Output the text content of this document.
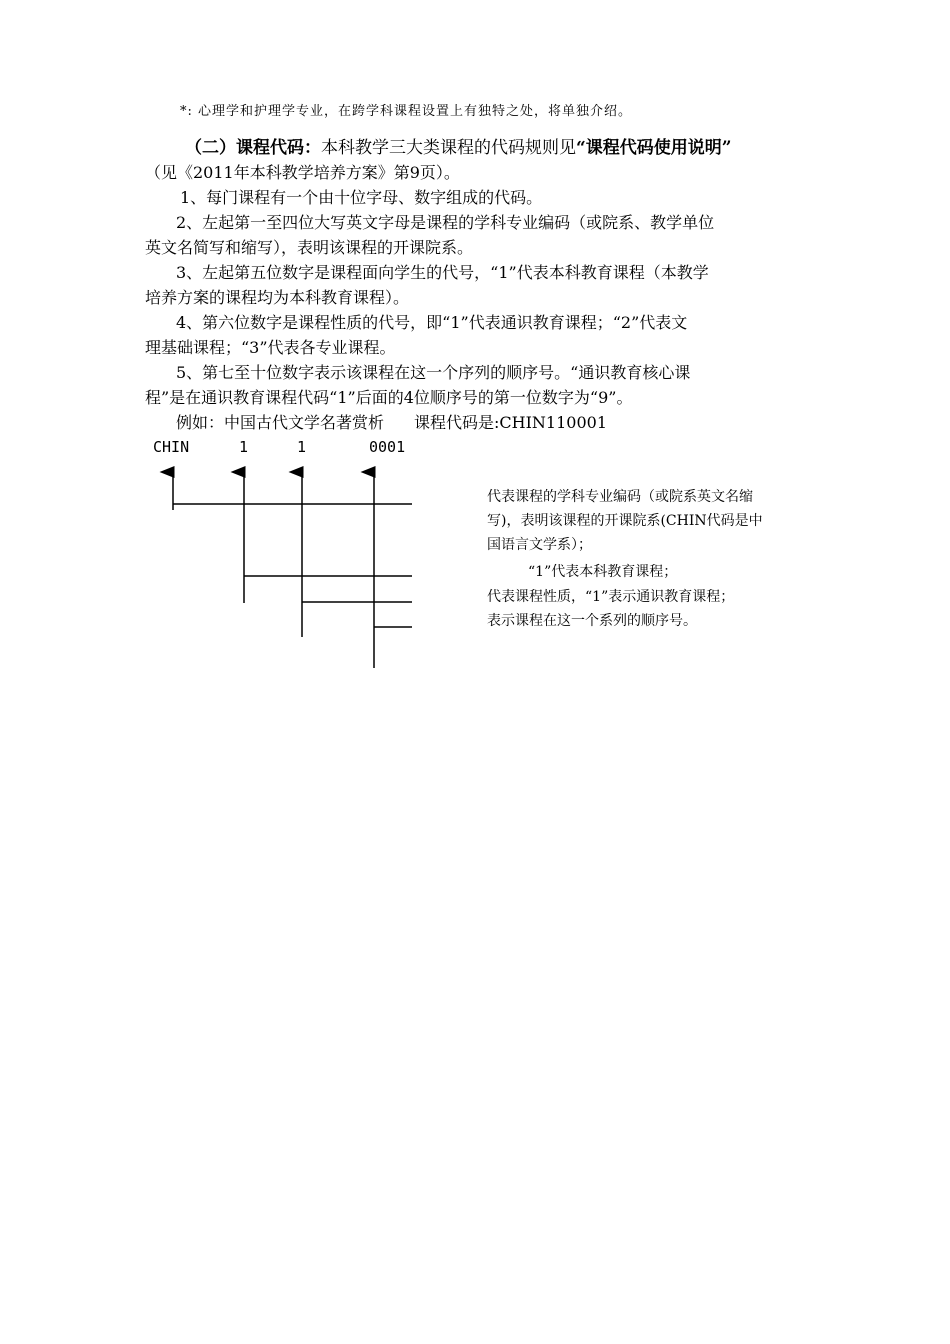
*: 心理学和护理学专业，在跨学科课程设置上有独特之处，将单独介绍。
（二）课程代码：本科教学三大类课程的代码规则见“课程代码使用说明”
（见《2011年本科教学培养方案》第9页）。
1、每门课程有一个由十位字母、数字组成的代码。
2、左起第一至四位大写英文字母是课程的学科专业编码（或院系、教学单位
英文名简写和缩写），表明该课程的开课院系。
3、左起第五位数字是课程面向学生的代号，“1”代表本科教育课程（本教学
培养方案的课程均为本科教育课程）。
4、第六位数字是课程性质的代号，即“1”代表通识教育课程；“2”代表文
理基础课程；“3”代表各专业课程。
5、第七至十位数字表示该课程在这一个序列的顺序号。“通识教育核心课
程”是在通识教育课程代码“1”后面的4位顺序号的第一位数字为“9”。
例如：中国古代文学名著赏析 课程代码是:CHIN110001
CHIN	1	1	0001
代表课程的学科专业编码（或院系英文名缩
写)，表明该课程的开课院系(CHIN代码是中
国语言文学系）；
“1”代表本科教育课程；
代表课程性质，“1”表示通识教育课程；
表示课程在这一个系列的顺序号。
